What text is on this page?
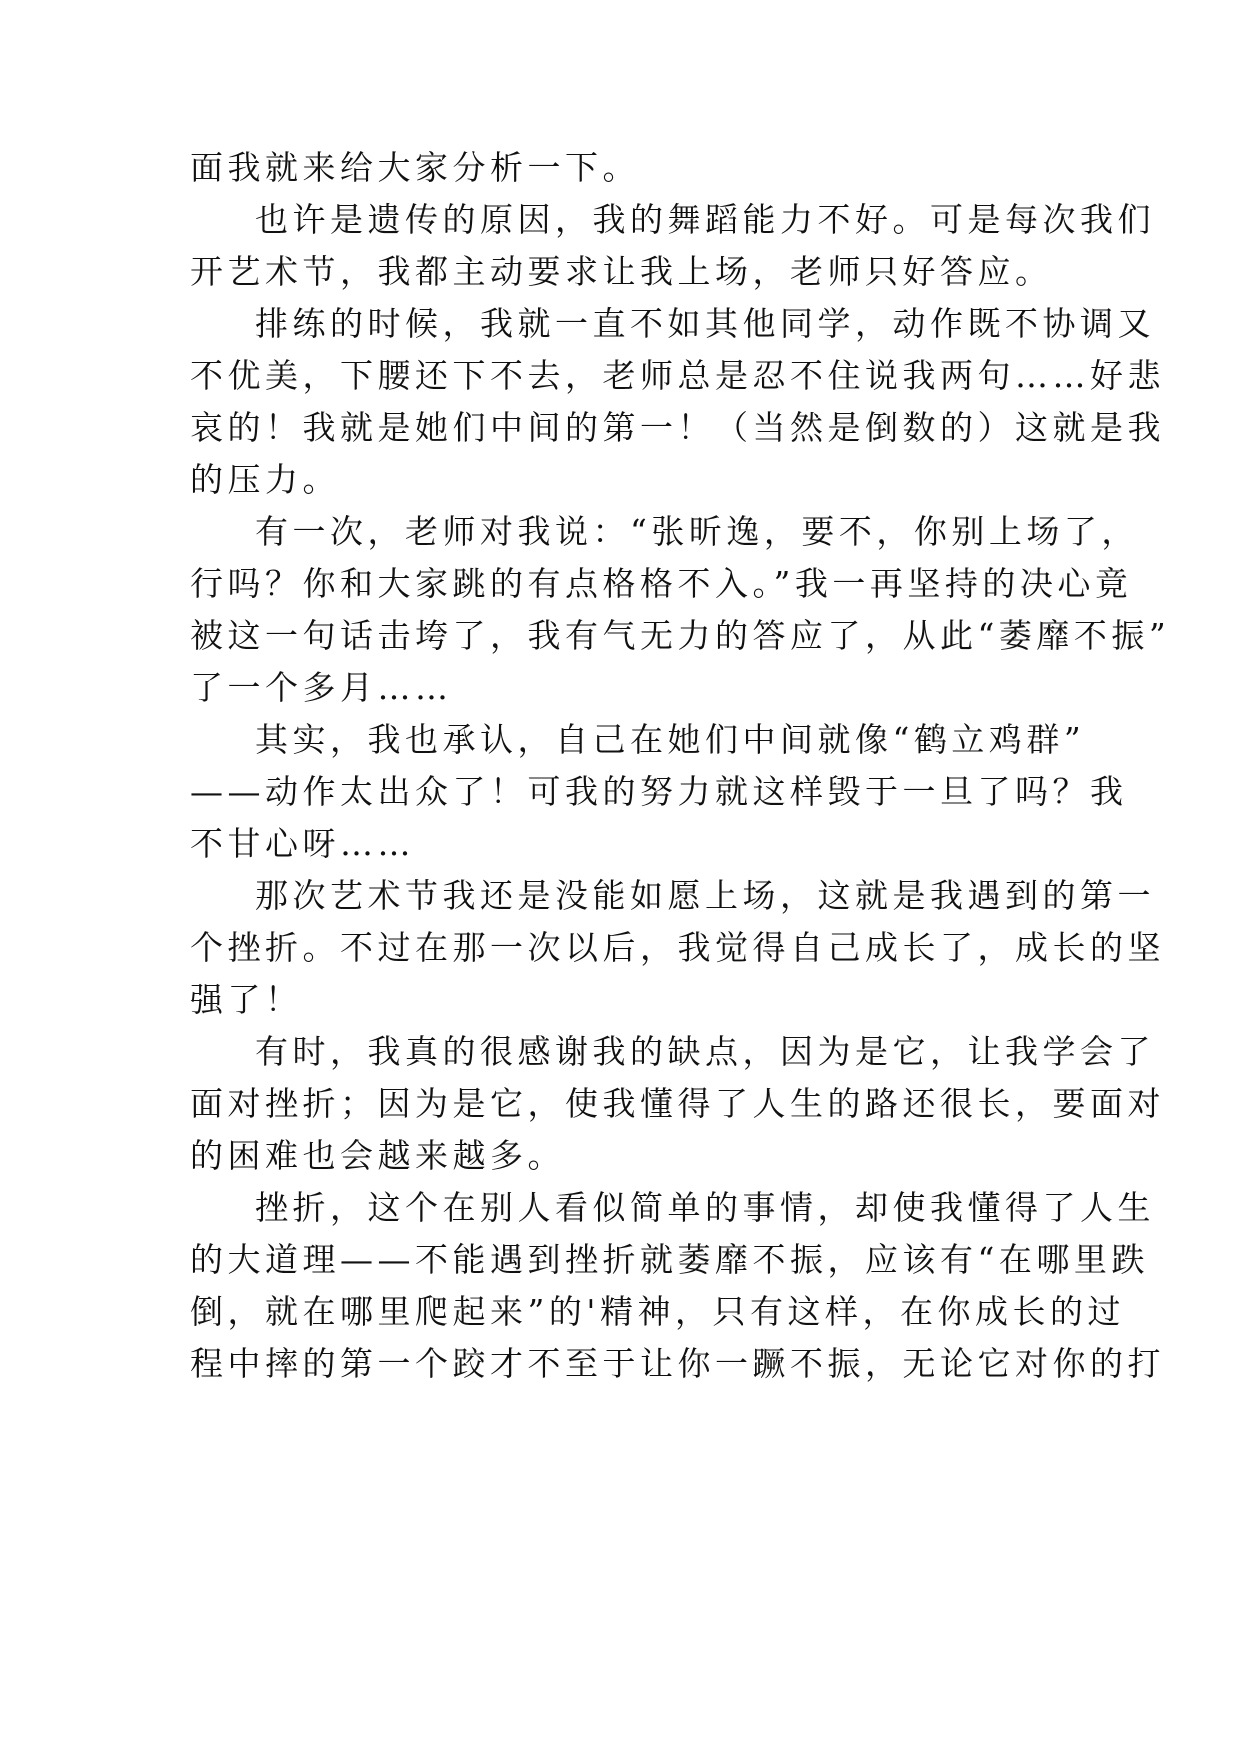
面我就来给大家分析一下。
也许是遗传的原因，我的舞蹈能力不好。可是每次我们
开艺术节，我都主动要求让我上场，老师只好答应。
排练的时候，我就一直不如其他同学，动作既不协调又
不优美，下腰还下不去，老师总是忍不住说我两句……好悲
哀的！我就是她们中间的第一！（当然是倒数的）这就是我
的压力。
有一次，老师对我说：“张昕逸，要不，你别上场了，
行吗？你和大家跳的有点格格不入。”我一再坚持的决心竟
被这一句话击垮了，我有气无力的答应了，从此“萎靡不振”
了一个多月……
其实，我也承认，自己在她们中间就像“鹤立鸡群”
——动作太出众了！可我的努力就这样毁于一旦了吗？我
不甘心呀……
那次艺术节我还是没能如愿上场，这就是我遇到的第一
个挫折。不过在那一次以后，我觉得自己成长了，成长的坚
强了！
有时，我真的很感谢我的缺点，因为是它，让我学会了
面对挫折；因为是它，使我懂得了人生的路还很长，要面对
的困难也会越来越多。
挫折，这个在别人看似简单的事情，却使我懂得了人生
的大道理——不能遇到挫折就萎靡不振，应该有“在哪里跌
倒，就在哪里爬起来”的'精神，只有这样，在你成长的过
程中摔的第一个跤才不至于让你一蹶不振，无论它对你的打
